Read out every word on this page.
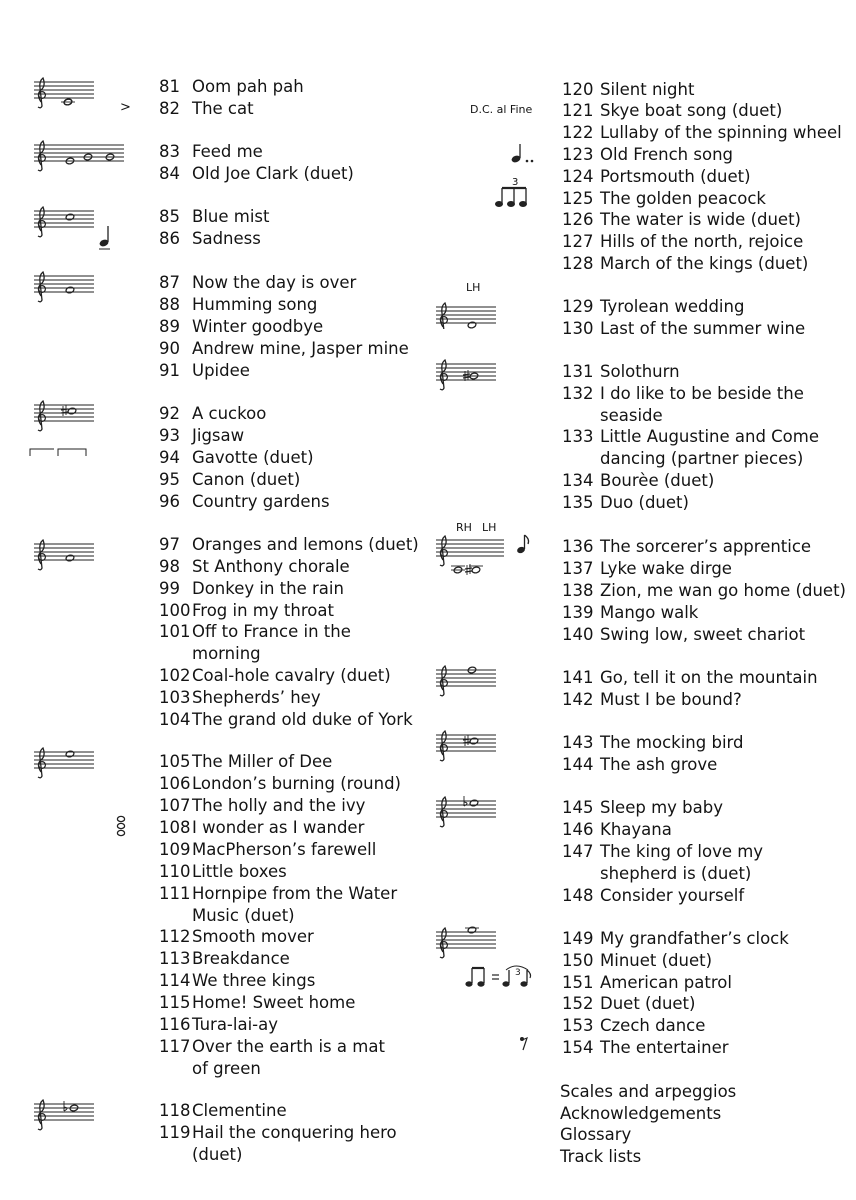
81 Oom pah pah
82 The cat
83 Feed me
84 Old Joe Clark (duet)
85 Blue mist
86 Sadness
87 Now the day is over
88 Humming song
89 Winter goodbye
90 Andrew mine, Jasper mine
91 Upidee
92 A cuckoo
93 Jigsaw
94 Gavotte (duet)
95 Canon (duet)
96 Country gardens
97 Oranges and lemons (duet)
98 St Anthony chorale
99 Donkey in the rain
100 Frog in my throat
101 Off to France in the
morning
102 Coal-hole cavalry (duet)
103 Shepherds’ hey
104 The grand old duke of York
105 The Miller of Dee
106 London’s burning (round)
107 The holly and the ivy
108 I wonder as I wander
109 MacPherson’s farewell
110 Little boxes
111 Hornpipe from the Water
Music (duet)
112 Smooth mover
113 Breakdance
114 We three kings
115 Home! Sweet home
116 Tura-lai-ay
117 Over the earth is a mat
of green
118 Clementine
119 Hail the conquering hero
(duet)
120 Silent night
121 Skye boat song (duet)
122 Lullaby of the spinning wheel
123 Old French song
124 Portsmouth (duet)
125 The golden peacock
126 The water is wide (duet)
127 Hills of the north, rejoice
128 March of the kings (duet)
129 Tyrolean wedding
130 Last of the summer wine
131 Solothurn
132 I do like to be beside the
seaside
133 Little Augustine and Come
dancing (partner pieces)
134 Bourèe (duet)
135 Duo (duet)
136 The sorcerer’s apprentice
137 Lyke wake dirge
138 Zion, me wan go home (duet)
139 Mango walk
140 Swing low, sweet chariot
141 Go, tell it on the mountain
142 Must I be bound?
143 The mocking bird
144 The ash grove
145 Sleep my baby
146 Khayana
147 The king of love my
shepherd is (duet)
148 Consider yourself
149 My grandfather’s clock
150 Minuet (duet)
151 American patrol
152 Duet (duet)
153 Czech dance
154 The entertainer
Scales and arpeggios
Acknowledgements
Glossary
Track lists
>	D.C. al Fine
LH
RH LH
3
3
